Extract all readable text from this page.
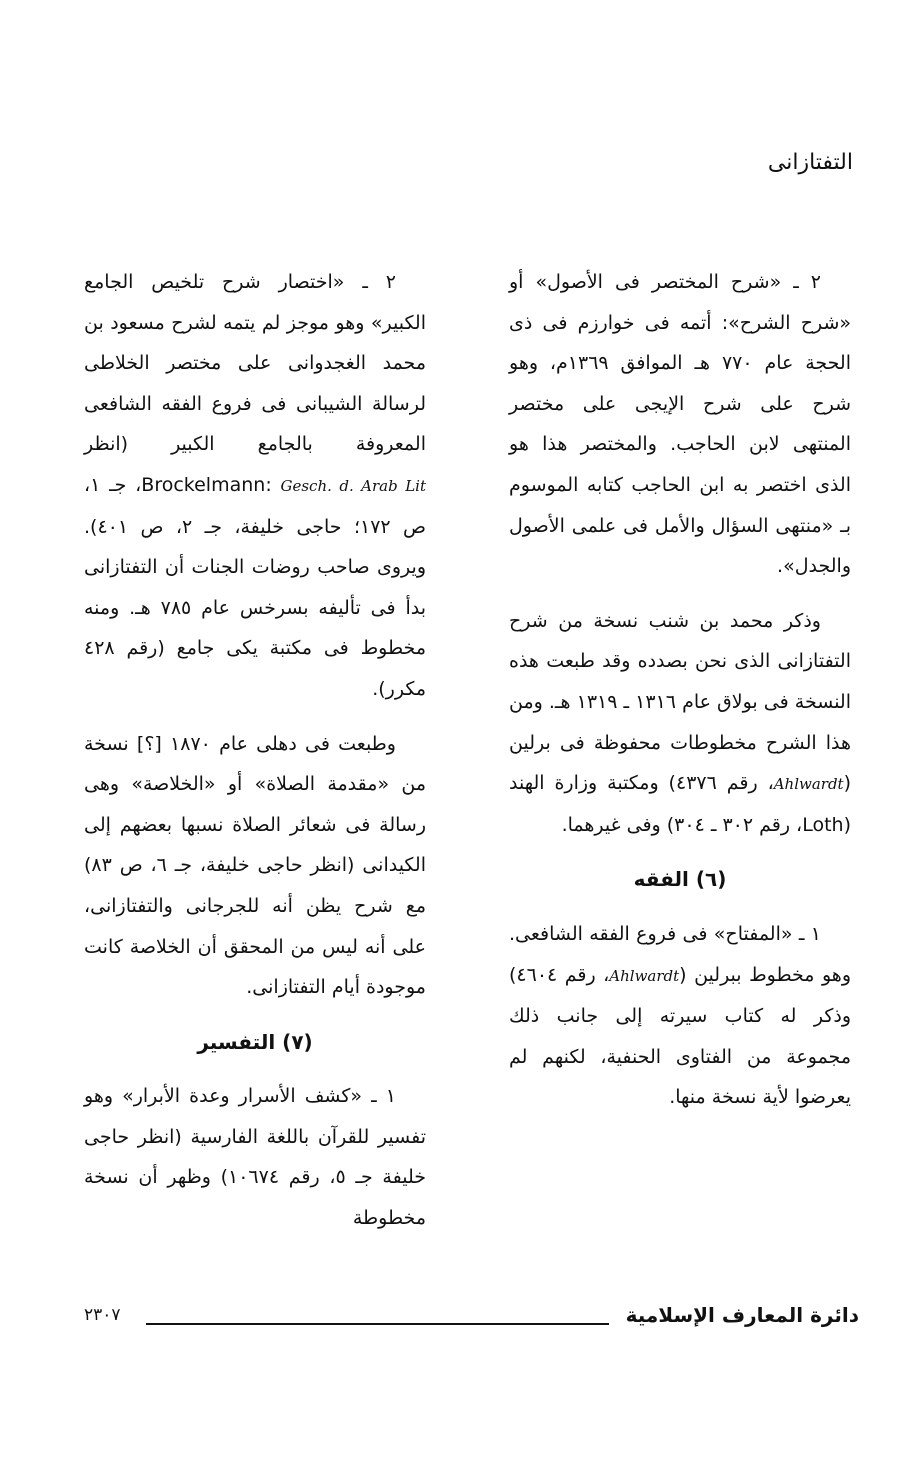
التفتازانى

٢ ـ «شرح المختصر فى الأصول» أو «شرح الشرح»: أتمه فى خوارزم فى ذى الحجة عام ٧٧٠ هـ الموافق ١٣٦٩م، وهو شرح على شرح الإيجى على مختصر المنتهى لابن الحاجب. والمختصر هذا هو الذى اختصر به ابن الحاجب كتابه الموسوم بـ «منتهى السؤال والأمل فى علمى الأصول والجدل».

وذكر محمد بن شنب نسخة من شرح التفتازانى الذى نحن بصدده وقد طبعت هذه النسخة فى بولاق عام ١٣١٦ ـ ١٣١٩ هـ. ومن هذا الشرح مخطوطات محفوظة فى برلين (Ahlwardt، رقم ٤٣٧٦) ومكتبة وزارة الهند (Loth، رقم ٣٠٢ ـ ٣٠٤) وفى غيرهما.

(٦) الفقه

١ ـ «المفتاح» فى فروع الفقه الشافعى. وهو مخطوط ببرلين (Ahlwardt، رقم ٤٦٠٤) وذكر له كتاب سيرته إلى جانب ذلك مجموعة من الفتاوى الحنفية، لكنهم لم يعرضوا لأية نسخة منها.

٢ ـ «اختصار شرح تلخيص الجامع الكبير» وهو موجز لم يتمه لشرح مسعود بن محمد الغجدوانى على مختصر الخلاطى لرسالة الشيبانى فى فروع الفقه الشافعى المعروفة بالجامع الكبير (انظر Brockelmann: Gesch. d. Arab Lit، جـ ١، ص ١٧٢؛ حاجى خليفة، جـ ٢، ص ٤٠١). ويروى صاحب روضات الجنات أن التفتازانى بدأ فى تأليفه بسرخس عام ٧٨٥ هـ. ومنه مخطوط فى مكتبة يكى جامع (رقم ٤٢٨ مكرر).

وطبعت فى دهلى عام ١٨٧٠ [؟] نسخة من «مقدمة الصلاة» أو «الخلاصة» وهى رسالة فى شعائر الصلاة نسبها بعضهم إلى الكيدانى (انظر حاجى خليفة، جـ ٦، ص ٨٣) مع شرح يظن أنه للجرجانى والتفتازانى، على أنه ليس من المحقق أن الخلاصة كانت موجودة أيام التفتازانى.

(٧) التفسير

١ ـ «كشف الأسرار وعدة الأبرار» وهو تفسير للقرآن باللغة الفارسية (انظر حاجى خليفة جـ ٥، رقم ١٠٦٧٤) وظهر أن نسخة مخطوطة

دائرة المعارف الإسلامية
٢٣٠٧
